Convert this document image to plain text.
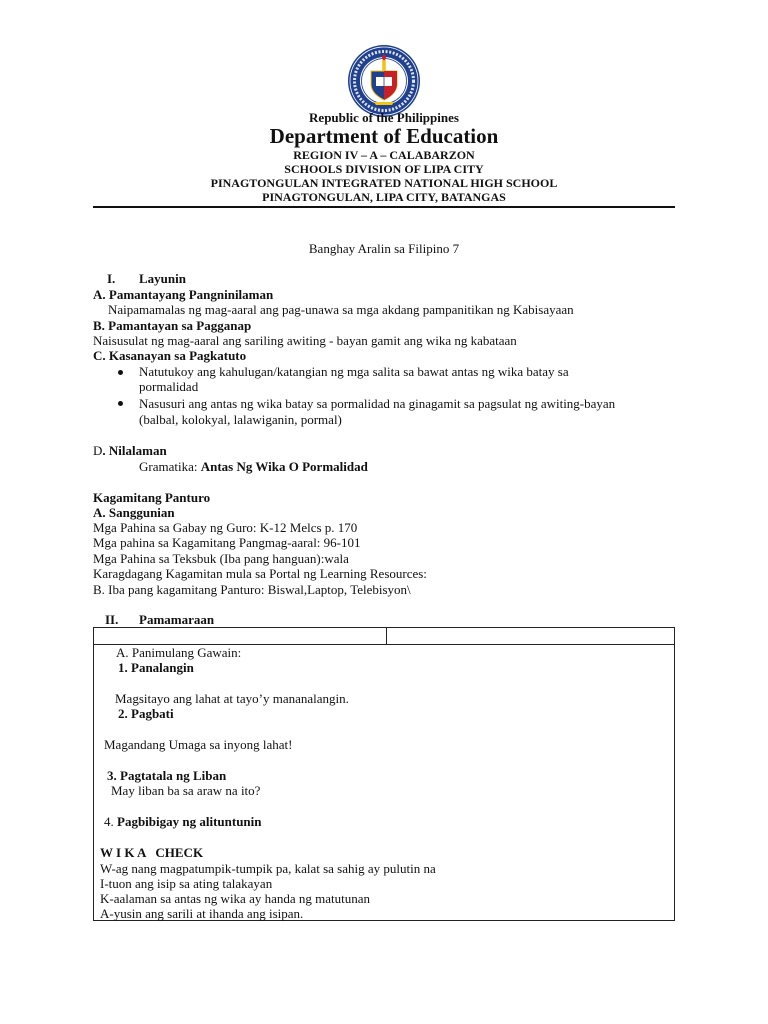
Republic of the Philippines
Department of Education
REGION IV – A – CALABARZON
SCHOOLS DIVISION OF LIPA CITY
PINAGTONGULAN INTEGRATED NATIONAL HIGH SCHOOL
PINAGTONGULAN, LIPA CITY, BATANGAS
Banghay Aralin sa Filipino 7
I. Layunin
A. Pamantayang Pangninilaman
Naipamamalas ng mag-aaral ang pag-unawa sa mga akdang pampanitikan ng Kabisayaan
B. Pamantayan sa Pagganap
Naisusulat ng mag-aaral ang sariling awiting - bayan gamit ang wika ng kabataan
C. Kasanayan sa Pagkatuto
Natutukoy ang kahulugan/katangian ng mga salita sa bawat antas ng wika batay sa
pormalidad
Nasusuri ang antas ng wika batay sa pormalidad na ginagamit sa pagsulat ng awiting-bayan
(balbal, kolokyal, lalawiganin, pormal)
D. Nilalaman
Gramatika: Antas Ng Wika O Pormalidad
Kagamitang Panturo
A. Sanggunian
Mga Pahina sa Gabay ng Guro: K-12 Melcs p. 170
Mga pahina sa Kagamitang Pangmag-aaral: 96-101
Mga Pahina sa Teksbuk (Iba pang hanguan):wala
Karagdagang Kagamitan mula sa Portal ng Learning Resources:
B. Iba pang kagamitang Panturo: Biswal,Laptop, Telebisyon\
II. Pamamaraan
A. Panimulang Gawain:
1. Panalangin
Magsitayo ang lahat at tayo’y mananalangin.
2. Pagbati
Magandang Umaga sa inyong lahat!
3. Pagtatala ng Liban
May liban ba sa araw na ito?
4. Pagbibigay ng alituntunin
W I K A   CHECK
W-ag nang magpatumpik-tumpik pa, kalat sa sahig ay pulutin na
I-tuon ang isip sa ating talakayan
K-aalaman sa antas ng wika ay handa ng matutunan
A-yusin ang sarili at ihanda ang isipan.
